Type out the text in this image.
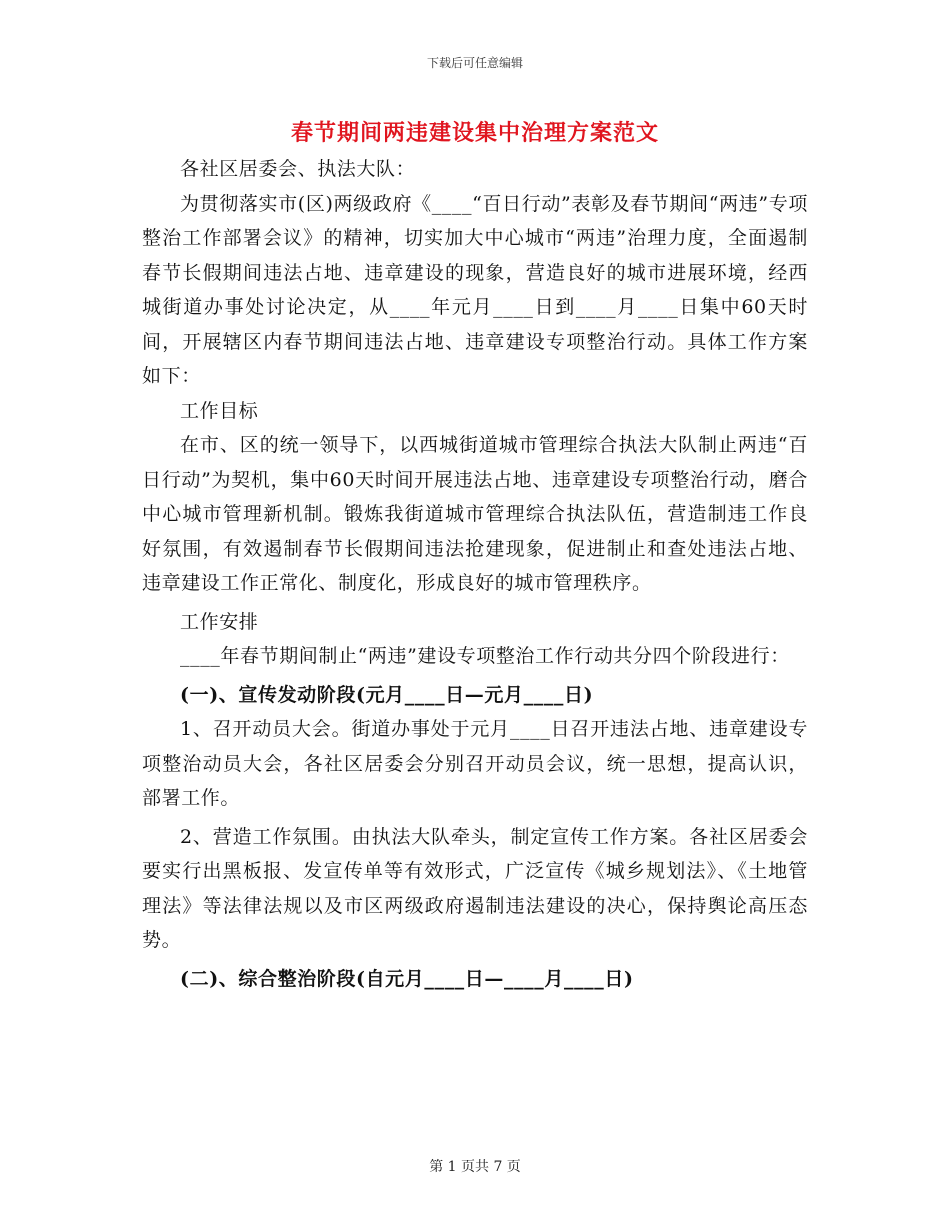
下载后可任意编辑
春节期间两违建设集中治理方案范文

各社区居委会、执法大队：

为贯彻落实市(区)两级政府《____“百日行动”表彰及春节期间“两违”专项整治工作部署会议》的精神，切实加大中心城市“两违”治理力度，全面遏制春节长假期间违法占地、违章建设的现象，营造良好的城市进展环境，经西城街道办事处讨论决定，从____年元月____日到____月____日集中60天时间，开展辖区内春节期间违法占地、违章建设专项整治行动。具体工作方案如下：

工作目标

在市、区的统一领导下，以西城街道城市管理综合执法大队制止两违“百日行动”为契机，集中60天时间开展违法占地、违章建设专项整治行动，磨合中心城市管理新机制。锻炼我街道城市管理综合执法队伍，营造制违工作良好氛围，有效遏制春节长假期间违法抢建现象，促进制止和查处违法占地、违章建设工作正常化、制度化，形成良好的城市管理秩序。

工作安排

____年春节期间制止“两违”建设专项整治工作行动共分四个阶段进行：

(一)、宣传发动阶段(元月____日—元月____日)

1、召开动员大会。街道办事处于元月____日召开违法占地、违章建设专项整治动员大会，各社区居委会分别召开动员会议，统一思想，提高认识，部署工作。

2、营造工作氛围。由执法大队牵头，制定宣传工作方案。各社区居委会要实行出黑板报、发宣传单等有效形式，广泛宣传《城乡规划法》、《土地管理法》等法律法规以及市区两级政府遏制违法建设的决心，保持舆论高压态势。

(二)、综合整治阶段(自元月____日—____月____日)

第 1 页共 7 页
